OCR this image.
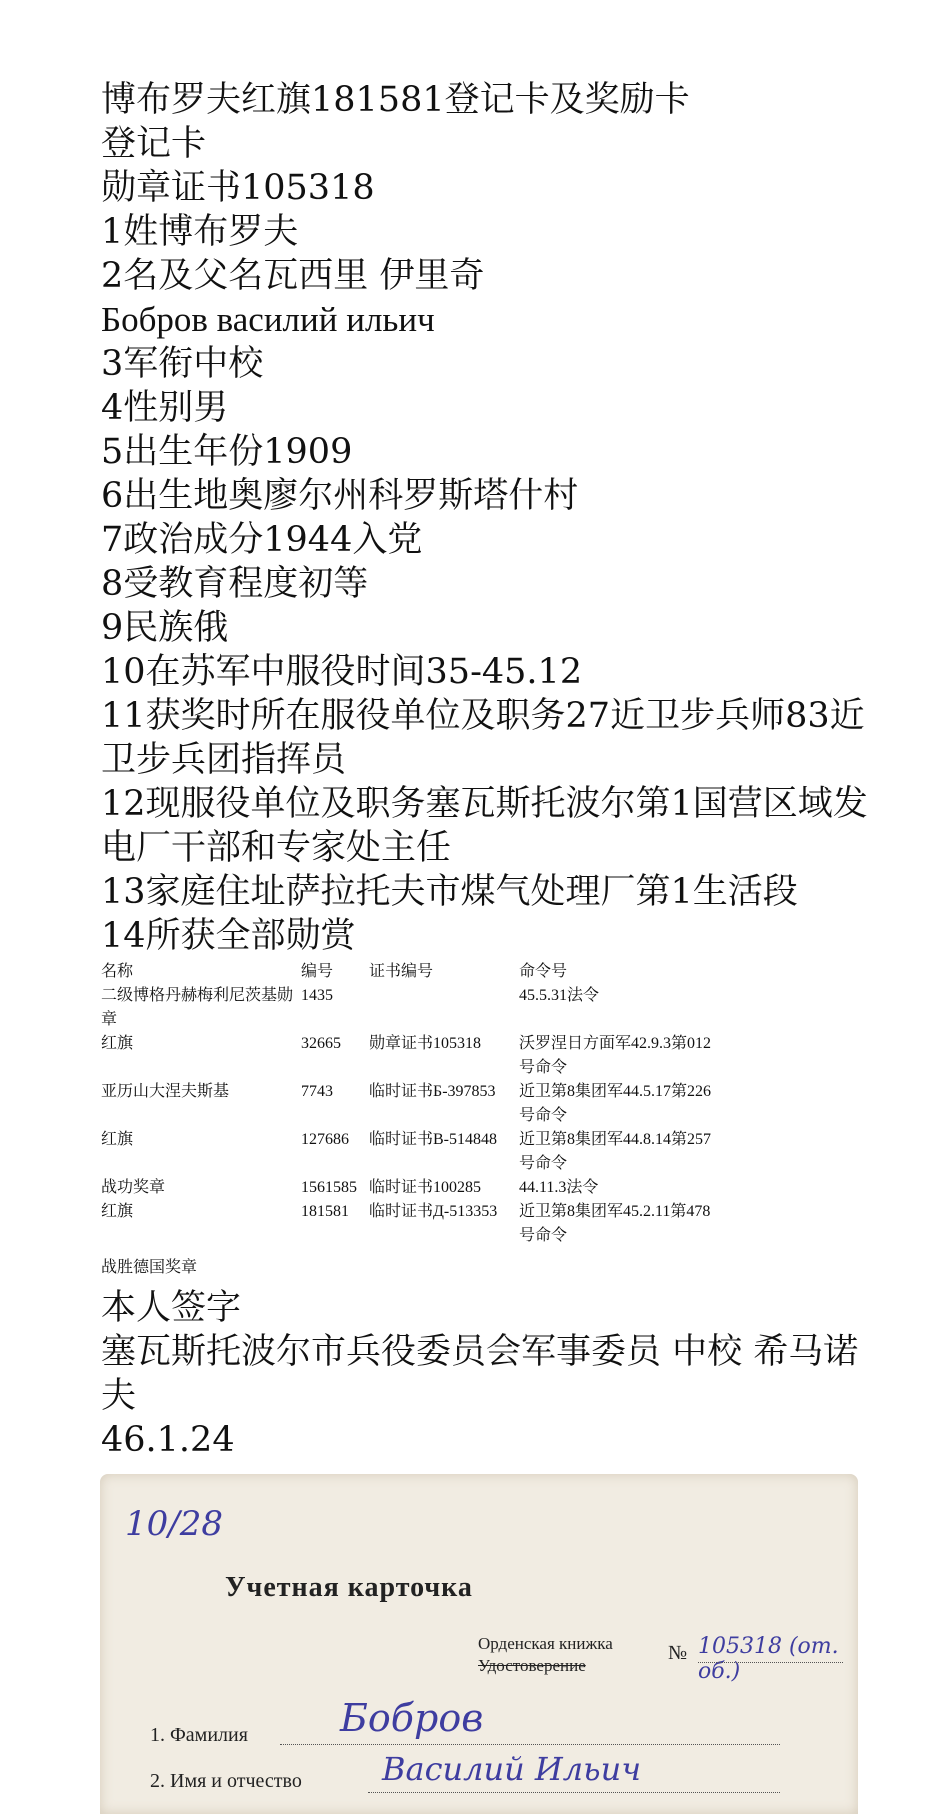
博布罗夫红旗181581登记卡及奖励卡
登记卡
勋章证书105318
1姓博布罗夫
2名及父名瓦西里 伊里奇
Бобров василий ильич
3军衔中校
4性别男
5出生年份1909
6出生地奥廖尔州科罗斯塔什村
7政治成分1944入党
8受教育程度初等
9民族俄
10在苏军中服役时间35-45.12
11获奖时所在服役单位及职务27近卫步兵师83近卫步兵团指挥员
12现服役单位及职务塞瓦斯托波尔第1国营区域发电厂干部和专家处主任
13家庭住址萨拉托夫市煤气处理厂第1生活段
14所获全部勋赏
名称	编号	证书编号	命令号
二级博格丹赫梅利尼茨基勋章	1435		45.5.31法令
红旗	32665	勋章证书105318	沃罗涅日方面军42.9.3第012号命令
亚历山大涅夫斯基	7743	临时证书Б-397853	近卫第8集团军44.5.17第226号命令
红旗	127686	临时证书В-514848	近卫第8集团军44.8.14第257号命令
战功奖章	1561585	临时证书100285	44.11.3法令
红旗	181581	临时证书Д-513353	近卫第8集团军45.2.11第478号命令
战胜德国奖章
本人签字
塞瓦斯托波尔市兵役委员会军事委员 中校 希马诺夫
46.1.24
10/28
Учетная карточка
Орденская книжка
Удостоверение
№ 105318 (от. об.)
1. Фамилия Бобров
2. Имя и отчество	Василий Ильич
